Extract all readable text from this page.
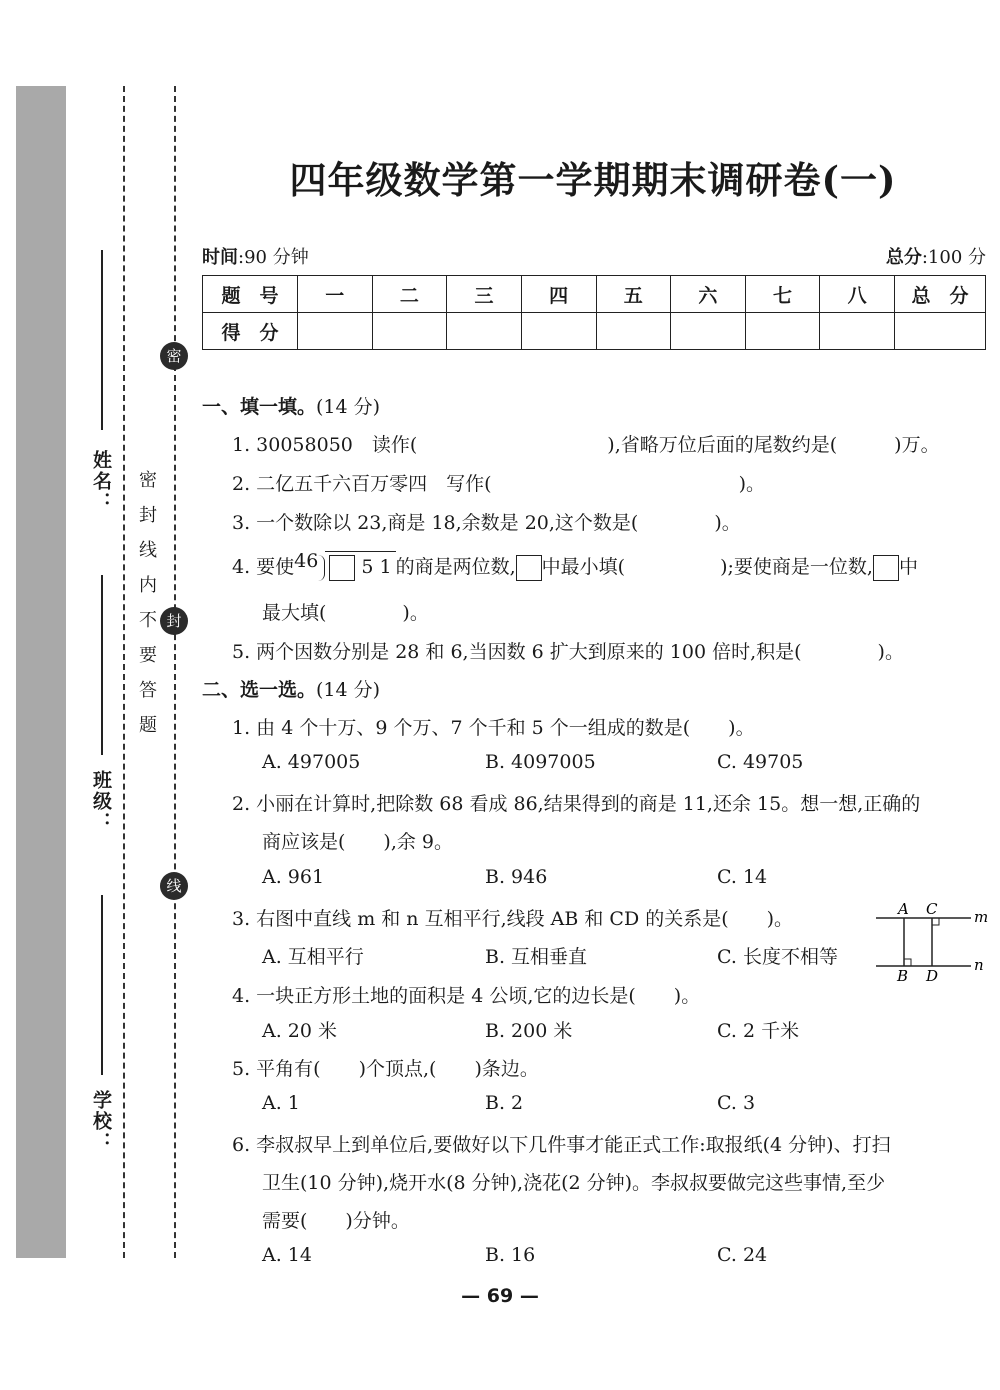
密
封
线
姓名：
班级：
学校：
密封线内不要答题
四年级数学第一学期期末调研卷(一)
时间:90 分钟	总分:100 分
题　号	一	二	三	四	五	六	七	八	总　分
得　分									
一、填一填。(14 分)
1. 30058050　读作(　　　　　　　　　　),省略万位后面的尾数约是(　　　)万。
2. 二亿五千六百万零四　写作(　　　　　　　　　　　　　)。
3. 一个数除以 23,商是 18,余数是 20,这个数是(　　　　)。
4. 要使46 5 1 的商是两位数, 中最小填(　　　　　);要使商是一位数, 中
最大填(　　　　)。
5. 两个因数分别是 28 和 6,当因数 6 扩大到原来的 100 倍时,积是(　　　　)。
二、选一选。(14 分)
1. 由 4 个十万、9 个万、7 个千和 5 个一组成的数是(　　)。
A. 497005	B. 4097005	C. 49705
2. 小丽在计算时,把除数 68 看成 86,结果得到的商是 11,还余 15。想一想,正确的
商应该是(　　),余 9。
A. 961	B. 946	C. 14
3. 右图中直线 m 和 n 互相平行,线段 AB 和 CD 的关系是(　　)。
A. 互相平行	B. 互相垂直	C. 长度不相等
A C
B D
m
n
4. 一块正方形土地的面积是 4 公顷,它的边长是(　　)。
A. 20 米	B. 200 米	C. 2 千米
5. 平角有(　　)个顶点,(　　)条边。
A. 1	B. 2	C. 3
6. 李叔叔早上到单位后,要做好以下几件事才能正式工作:取报纸(4 分钟)、打扫
卫生(10 分钟),烧开水(8 分钟),浇花(2 分钟)。李叔叔要做完这些事情,至少
需要(　　)分钟。
A. 14	B. 16	C. 24
— 69 —
